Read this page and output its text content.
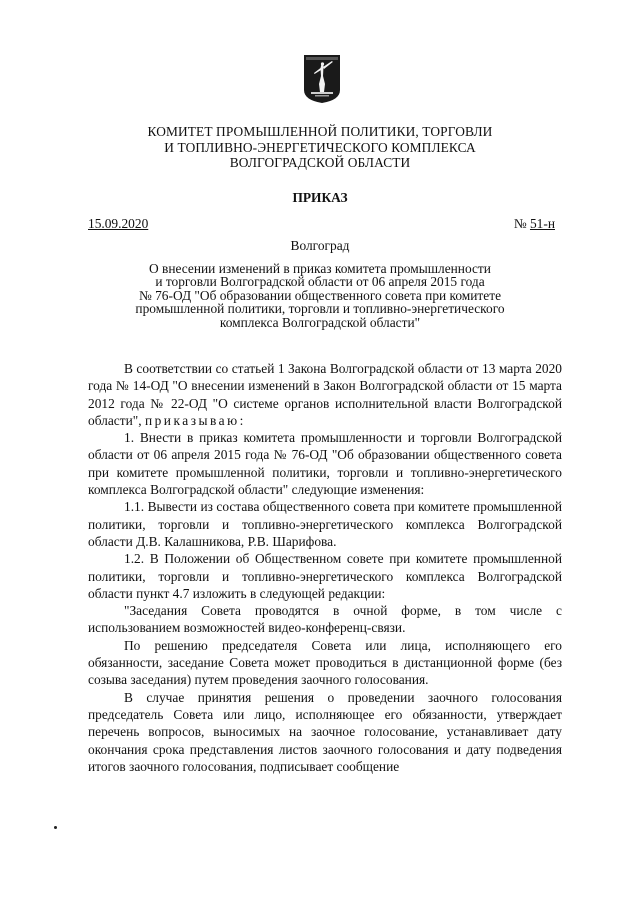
КОМИТЕТ ПРОМЫШЛЕННОЙ ПОЛИТИКИ, ТОРГОВЛИ
И ТОПЛИВНО-ЭНЕРГЕТИЧЕСКОГО КОМПЛЕКСА
ВОЛГОГРАДСКОЙ ОБЛАСТИ
ПРИКАЗ
15.09.2020	№ 51-н
Волгоград
О внесении изменений в приказ комитета промышленности
и торговли Волгоградской области от 06 апреля 2015 года
№ 76-ОД "Об образовании общественного совета при комитете
промышленной политики, торговли и топливно-энергетического
комплекса Волгоградской области"

В соответствии со статьей 1 Закона Волгоградской области от 13 марта 2020 года № 14-ОД "О внесении изменений в Закон Волгоградской области от 15 марта 2012 года № 22-ОД "О системе органов исполнительной власти Волгоградской области", приказываю:

1. Внести в приказ комитета промышленности и торговли Волгоградской области от 06 апреля 2015 года № 76-ОД "Об образовании общественного совета при комитете промышленной политики, торговли и топливно-энергетического комплекса Волгоградской области" следующие изменения:

1.1. Вывести из состава общественного совета при комитете промышленной политики, торговли и топливно-энергетического комплекса Волгоградской области Д.В. Калашникова, Р.В. Шарифова.

1.2. В Положении об Общественном совете при комитете промышленной политики, торговли и топливно-энергетического комплекса Волгоградской области пункт 4.7 изложить в следующей редакции:

"Заседания Совета проводятся в очной форме, в том числе с использованием возможностей видео-конференц-связи.

По решению председателя Совета или лица, исполняющего его обязанности, заседание Совета может проводиться в дистанционной форме (без созыва заседания) путем проведения заочного голосования.

В случае принятия решения о проведении заочного голосования председатель Совета или лицо, исполняющее его обязанности, утверждает перечень вопросов, выносимых на заочное голосование, устанавливает дату окончания срока представления листов заочного голосования и дату подведения итогов заочного голосования, подписывает сообщение
